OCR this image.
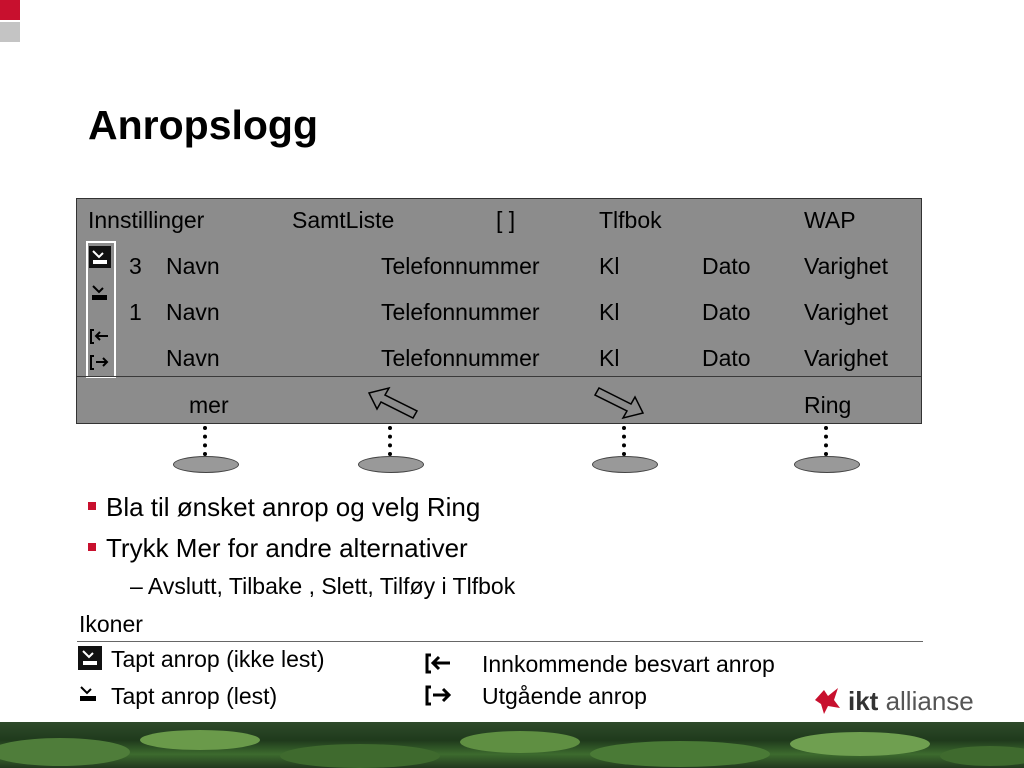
Anropslogg
Innstillinger	SamtListe	[ ]	Tlfbok	WAP
3 Navn	Telefonnummer	Kl	Dato Varighet
1 Navn	Telefonnummer	Kl	Dato Varighet
Navn	Telefonnummer	Kl	Dato Varighet
mer	Ring
Bla til ønsket anrop og velg Ring
Trykk Mer for andre alternativer
– Avslutt, Tilbake , Slett, Tilføy i Tlfbok
Ikoner
Tapt anrop (ikke lest)
Tapt anrop (lest)
Innkommende besvart anrop
Utgående anrop	ikt allianse
